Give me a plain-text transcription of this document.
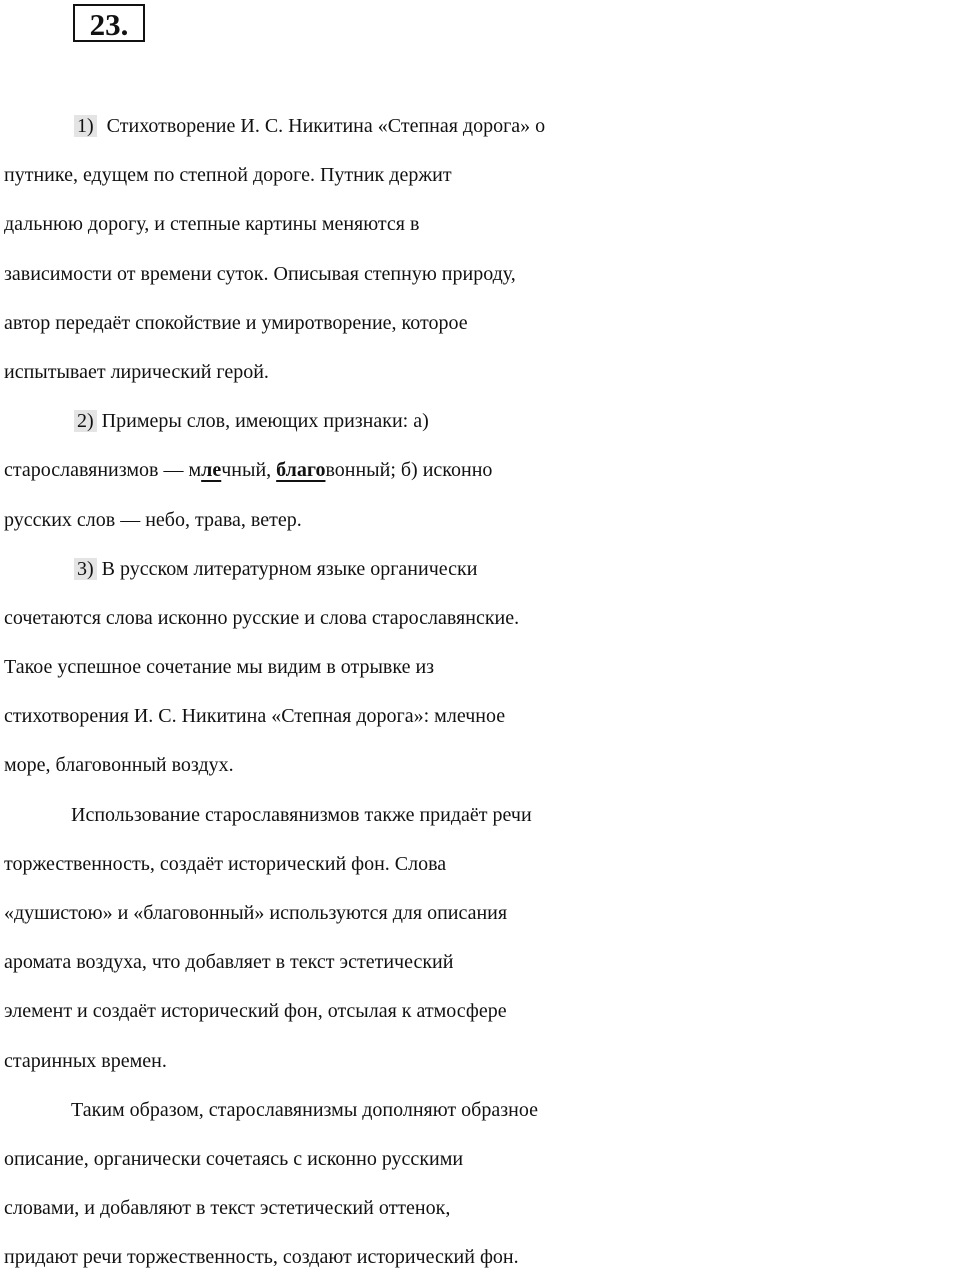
23.
1) Стихотворение И. С. Никитина «Степная дорога» о
путнике, едущем по степной дороге. Путник держит
дальнюю дорогу, и степные картины меняются в
зависимости от времени суток. Описывая степную природу,
автор передаёт спокойствие и умиротворение, которое
испытывает лирический герой.
2) Примеры слов, имеющих признаки: а)
старославянизмов — млечный, благовонный; б) исконно
русских слов — небо, трава, ветер.
3) В русском литературном языке органически
сочетаются слова исконно русские и слова старославянские.
Такое успешное сочетание мы видим в отрывке из
стихотворения И. С. Никитина «Степная дорога»: млечное
море, благовонный воздух.
Использование старославянизмов также придаёт речи
торжественность, создаёт исторический фон. Слова
«душистою» и «благовонный» используются для описания
аромата воздуха, что добавляет в текст эстетический
элемент и создаёт исторический фон, отсылая к атмосфере
старинных времен.
Таким образом, старославянизмы дополняют образное
описание, органически сочетаясь с исконно русскими
словами, и добавляют в текст эстетический оттенок,
придают речи торжественность, создают исторический фон.
